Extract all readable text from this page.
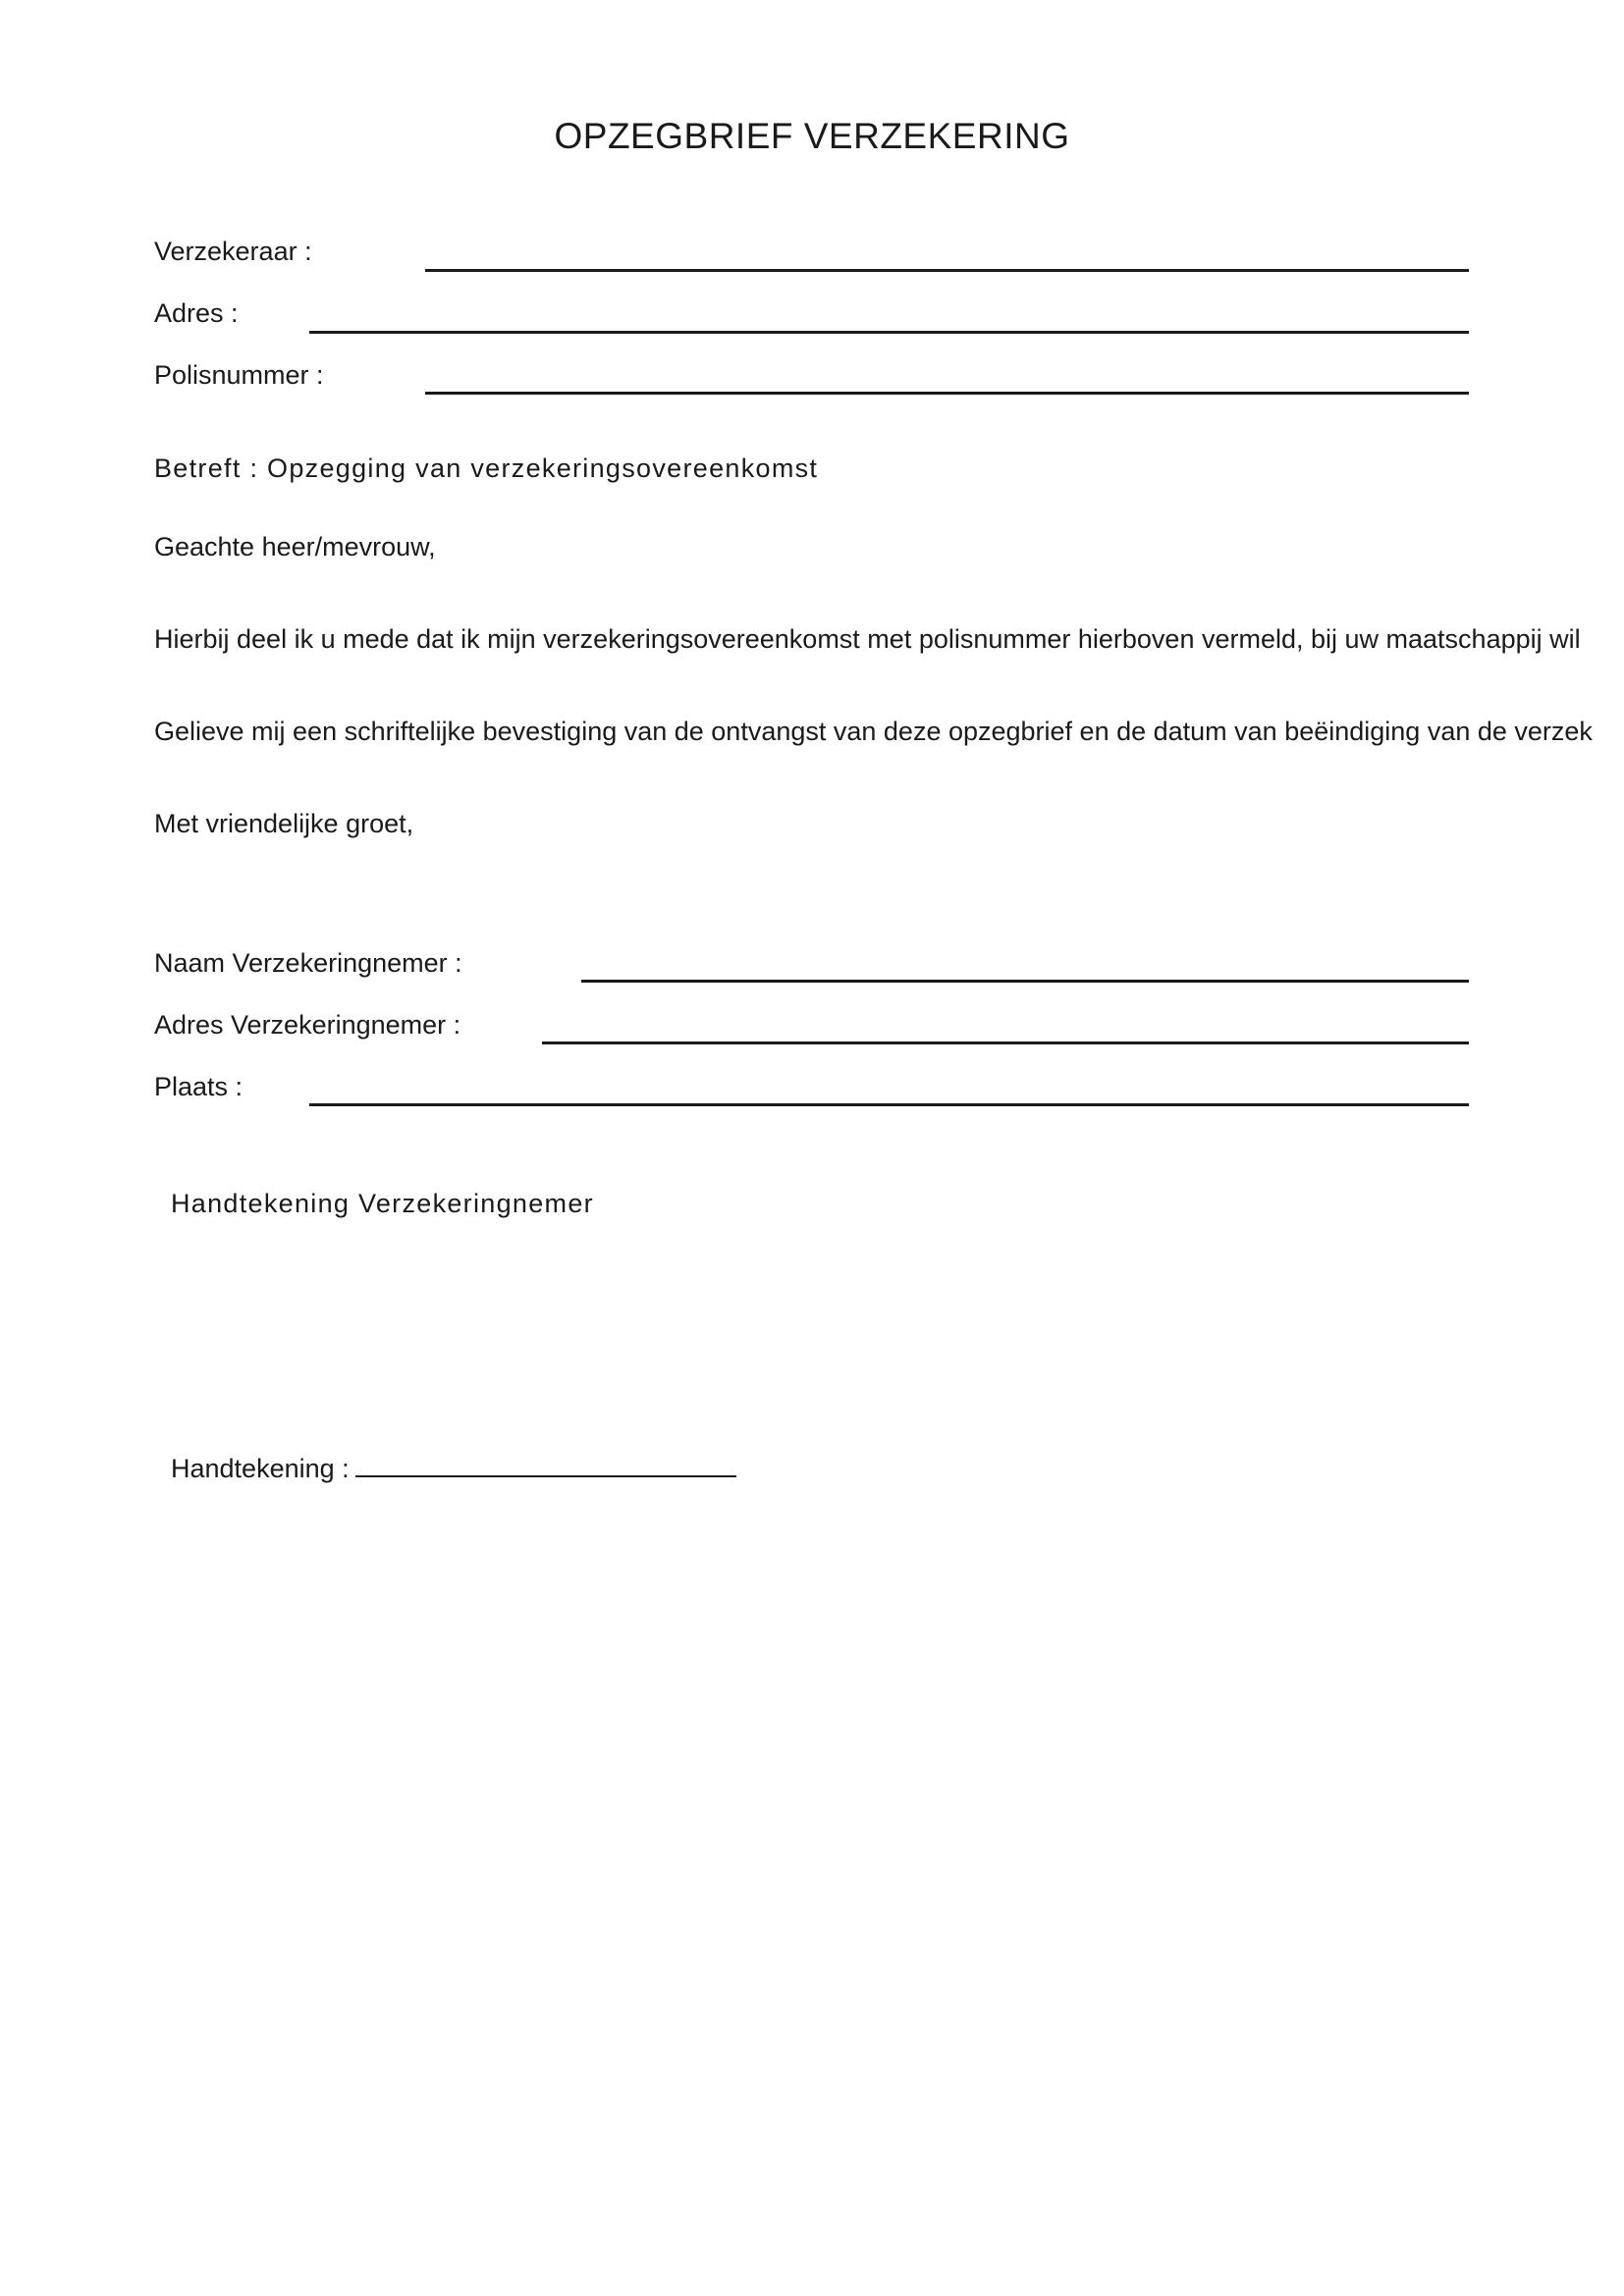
OPZEGBRIEF VERZEKERING
Verzekeraar :
Adres :
Polisnummer :
Betreft : Opzegging van verzekeringsovereenkomst
Geachte heer/mevrouw,
Hierbij deel ik u mede dat ik mijn verzekeringsovereenkomst met polisnummer hierboven vermeld, bij uw maatschappij wil
Gelieve mij een schriftelijke bevestiging van de ontvangst van deze opzegbrief en de datum van beëindiging van de verzek
Met vriendelijke groet,
Naam Verzekeringnemer :
Adres Verzekeringnemer :
Plaats :
Handtekening Verzekeringnemer
Handtekening :
